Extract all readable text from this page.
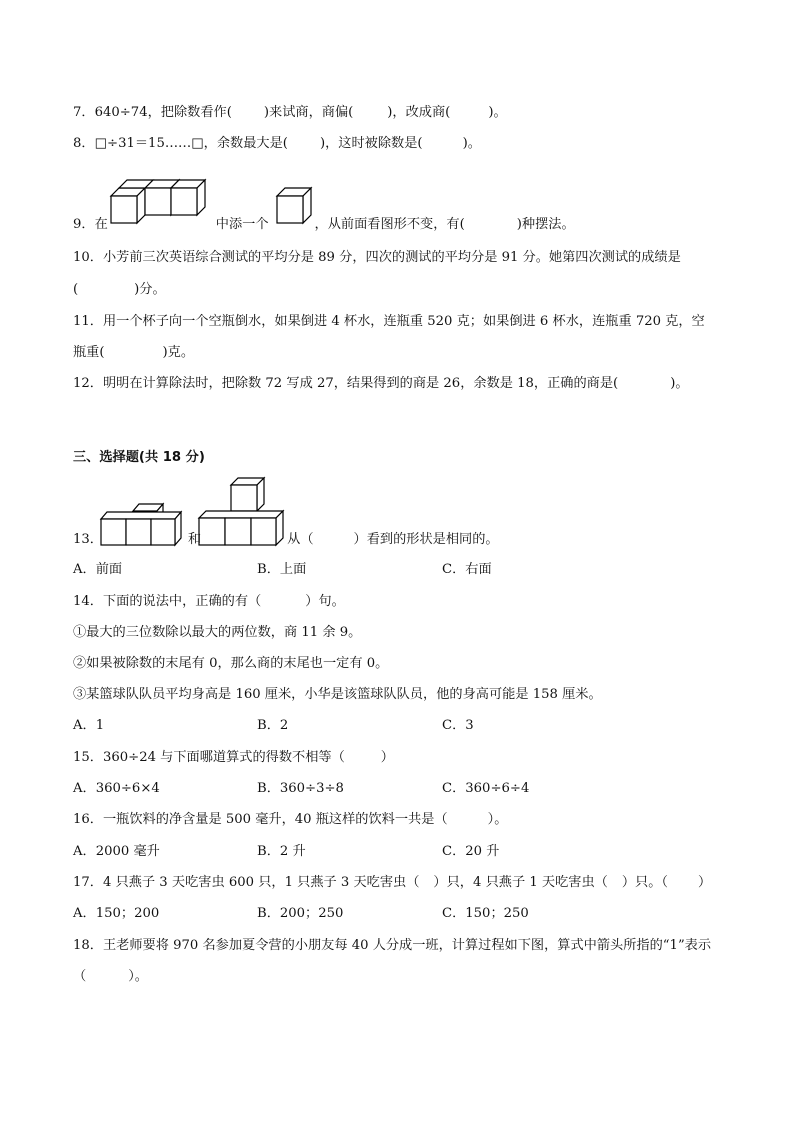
7．640÷74，把除数看作( )来试商，商偏(	)，改成商(	)。
8．□÷31＝15……□，余数最大是( )，这时被除数是(	)。
9．在	中添一个	，从前面看图形不变，有(	)种摆法。
10．小芳前三次英语综合测试的平均分是 89 分，四次的测试的平均分是 91 分。她第四次测试的成绩是
(	)分。
11．用一个杯子向一个空瓶倒水，如果倒进 4 杯水，连瓶重 520 克；如果倒进 6 杯水，连瓶重 720 克，空
瓶重(	)克。
12．明明在计算除法时，把除数 72 写成 27，结果得到的商是 26，余数是 18，正确的商是(	)。
三、选择题(共 18 分)
13．	和	从（	）看到的形状是相同的。
A．前面	B．上面	C．右面
14．下面的说法中，正确的有（	）句。
①最大的三位数除以最大的两位数，商 11 余 9。
②如果被除数的末尾有 0，那么商的末尾也一定有 0。
③某篮球队队员平均身高是 160 厘米，小华是该篮球队队员，他的身高可能是 158 厘米。
A．1	B．2	C．3
15．360÷24 与下面哪道算式的得数不相等（	）
A．360÷6×4	B．360÷3÷8	C．360÷6÷4
16．一瓶饮料的净含量是 500 毫升，40 瓶这样的饮料一共是（	）。
A．2000 毫升	B．2 升	C．20 升
17．4 只燕子 3 天吃害虫 600 只，1 只燕子 3 天吃害虫（ ）只，4 只燕子 1 天吃害虫（ ）只。（ ）
A．150；200	B．200；250	C．150；250
18．王老师要将 970 名参加夏令营的小朋友每 40 人分成一班，计算过程如下图，算式中箭头所指的“1”表示
（	）。
